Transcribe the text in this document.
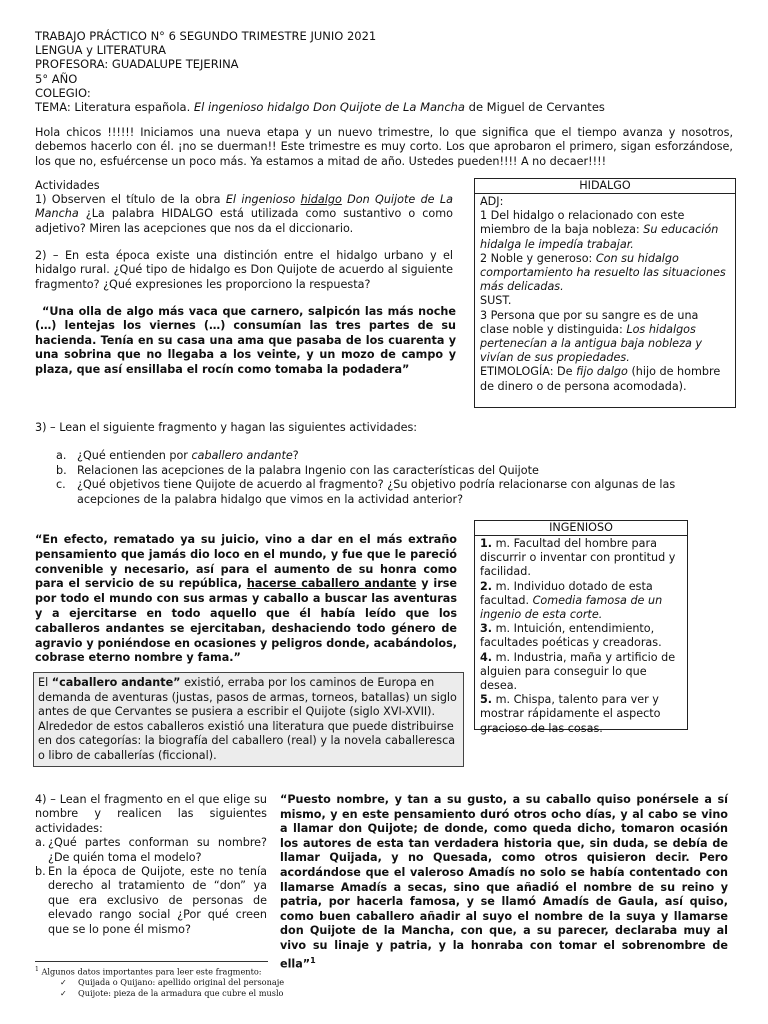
TRABAJO PRÁCTICO N° 6 SEGUNDO TRIMESTRE JUNIO 2021
LENGUA y LITERATURA
PROFESORA: GUADALUPE TEJERINA
5° AÑO
COLEGIO:
TEMA: Literatura española. El ingenioso hidalgo Don Quijote de La Mancha de Miguel de Cervantes
Hola chicos !!!!!! Iniciamos una nueva etapa y un nuevo trimestre, lo que significa que el tiempo avanza y nosotros, debemos hacerlo con él. ¡no se duerman!! Este trimestre es muy corto. Los que aprobaron el primero, sigan esforzándose, los que no, esfuércense un poco más. Ya estamos a mitad de año. Ustedes pueden!!!! A no decaer!!!!
Actividades
1) Observen el título de la obra El ingenioso hidalgo Don Quijote de La Mancha ¿La palabra HIDALGO está utilizada como sustantivo o como adjetivo? Miren las acepciones que nos da el diccionario.
2) – En esta época existe una distinción entre el hidalgo urbano y el hidalgo rural. ¿Qué tipo de hidalgo es Don Quijote de acuerdo al siguiente fragmento? ¿Qué expresiones les proporciono la respuesta?
“Una olla de algo más vaca que carnero, salpicón las más noche (…) lentejas los viernes (…) consumían las tres partes de su hacienda. Tenía en su casa una ama que pasaba de los cuarenta y una sobrina que no llegaba a los veinte, y un mozo de campo y plaza, que así ensillaba el rocín como tomaba la podadera”
HIDALGO
ADJ:
1 Del hidalgo o relacionado con este miembro de la baja nobleza: Su educación hidalga le impedía trabajar.
2 Noble y generoso: Con su hidalgo comportamiento ha resuelto las situaciones más delicadas.
SUST.
3 Persona que por su sangre es de una clase noble y distinguida: Los hidalgos pertenecían a la antigua baja nobleza y vivían de sus propiedades.
ETIMOLOGÍA: De fijo dalgo (hijo de hombre de dinero o de persona acomodada).
3) – Lean el siguiente fragmento y hagan las siguientes actividades:
a. ¿Qué entienden por caballero andante?
b. Relacionen las acepciones de la palabra Ingenio con las características del Quijote
c. ¿Qué objetivos tiene Quijote de acuerdo al fragmento? ¿Su objetivo podría relacionarse con algunas de las acepciones de la palabra hidalgo que vimos en la actividad anterior?
“En efecto, rematado ya su juicio, vino a dar en el más extraño pensamiento que jamás dio loco en el mundo, y fue que le pareció convenible y necesario, así para el aumento de su honra como para el servicio de su república, hacerse caballero andante y irse por todo el mundo con sus armas y caballo a buscar las aventuras y a ejercitarse en todo aquello que él había leído que los caballeros andantes se ejercitaban, deshaciendo todo género de agravio y poniéndose en ocasiones y peligros donde, acabándolos, cobrase eterno nombre y fama.”
INGENIOSO
1. m. Facultad del hombre para discurrir o inventar con prontitud y facilidad.
2. m. Individuo dotado de esta facultad. Comedia famosa de un ingenio de esta corte.
3. m. Intuición, entendimiento, facultades poéticas y creadoras.
4. m. Industria, maña y artificio de alguien para conseguir lo que desea.
5. m. Chispa, talento para ver y mostrar rápidamente el aspecto gracioso de las cosas.
El “caballero andante” existió, erraba por los caminos de Europa en demanda de aventuras (justas, pasos de armas, torneos, batallas) un siglo antes de que Cervantes se pusiera a escribir el Quijote (siglo XVI-XVII). Alrededor de estos caballeros existió una literatura que puede distribuirse en dos categorías: la biografía del caballero (real) y la novela caballeresca o libro de caballerías (ficcional).
4) – Lean el fragmento en el que elige su nombre y realicen las siguientes actividades:
a. ¿Qué partes conforman su nombre? ¿De quién toma el modelo?
b. En la época de Quijote, este no tenía derecho al tratamiento de “don” ya que era exclusivo de personas de elevado rango social ¿Por qué creen que se lo pone él mismo?
“Puesto nombre, y tan a su gusto, a su caballo quiso ponérsele a sí mismo, y en este pensamiento duró otros ocho días, y al cabo se vino a llamar don Quijote; de donde, como queda dicho, tomaron ocasión los autores de esta tan verdadera historia que, sin duda, se debía de llamar Quijada, y no Quesada, como otros quisieron decir. Pero acordándose que el valeroso Amadís no solo se había contentado con llamarse Amadís a secas, sino que añadió el nombre de su reino y patria, por hacerla famosa, y se llamó Amadís de Gaula, así quiso, como buen caballero añadir al suyo el nombre de la suya y llamarse don Quijote de la Mancha, con que, a su parecer, declaraba muy al vivo su linaje y patria, y la honraba con tomar el sobrenombre de ella”$^1$
$^1$ Algunos datos importantes para leer este fragmento:
✓ Quijada o Quijano: apellido original del personaje
✓ Quijote: pieza de la armadura que cubre el muslo
